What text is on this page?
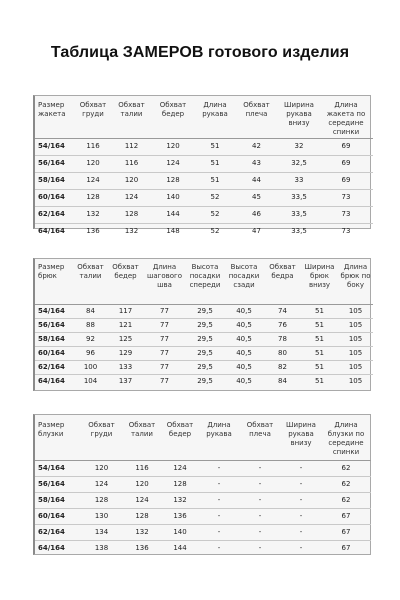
Таблица ЗАМЕРОВ готового изделия
Размер жакета	Обхват груди	Обхват талии	Обхват бедер	Длина рукава	Обхват плеча	Ширина рукава внизу	Длина жакета по середине спинки
54/164	116	112	120	51	42	32	69
56/164	120	116	124	51	43	32,5	69
58/164	124	120	128	51	44	33	69
60/164	128	124	140	52	45	33,5	73
62/164	132	128	144	52	46	33,5	73
64/164	136	132	148	52	47	33,5	73
Размер брюк	Обхват талии	Обхват бедер	Длина шагового шва	Высота посадки спереди	Высота посадки сзади	Обхват бедра	Ширина брюк внизу	Длина брюк по боку
54/164	84	117	77	29,5	40,5	74	51	105
56/164	88	121	77	29,5	40,5	76	51	105
58/164	92	125	77	29,5	40,5	78	51	105
60/164	96	129	77	29,5	40,5	80	51	105
62/164	100	133	77	29,5	40,5	82	51	105
64/164	104	137	77	29,5	40,5	84	51	105
Размер блузки	Обхват груди	Обхват талии	Обхват бедер	Длина рукава	Обхват плеча	Ширина рукава внизу	Длина блузки по середине спинки
54/164	120	116	124	-	-	-	62
56/164	124	120	128	-	-	-	62
58/164	128	124	132	-	-	-	62
60/164	130	128	136	-	-	-	67
62/164	134	132	140	-	-	-	67
64/164	138	136	144	-	-	-	67
